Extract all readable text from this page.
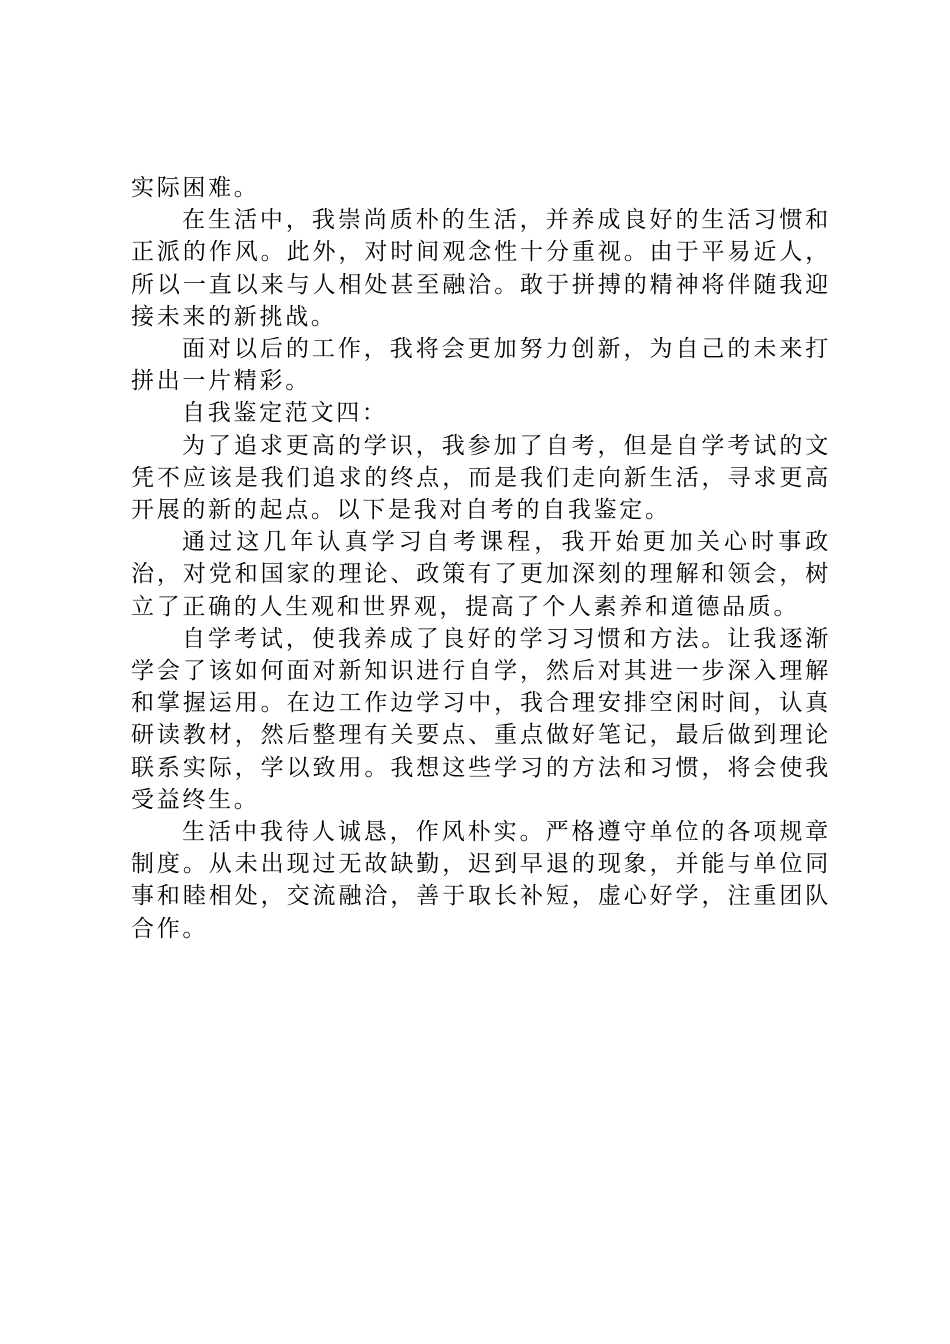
实际困难。

在生活中，我崇尚质朴的生活，并养成良好的生活习惯和正派的作风。此外，对时间观念性十分重视。由于平易近人，所以一直以来与人相处甚至融洽。敢于拼搏的精神将伴随我迎接未来的新挑战。

面对以后的工作，我将会更加努力创新，为自己的未来打拼出一片精彩。

自我鉴定范文四：

为了追求更高的学识，我参加了自考，但是自学考试的文凭不应该是我们追求的终点，而是我们走向新生活，寻求更高开展的新的起点。以下是我对自考的自我鉴定。

通过这几年认真学习自考课程，我开始更加关心时事政治，对党和国家的理论、政策有了更加深刻的理解和领会，树立了正确的人生观和世界观，提高了个人素养和道德品质。

自学考试，使我养成了良好的学习习惯和方法。让我逐渐学会了该如何面对新知识进行自学，然后对其进一步深入理解和掌握运用。在边工作边学习中，我合理安排空闲时间，认真研读教材，然后整理有关要点、重点做好笔记，最后做到理论联系实际，学以致用。我想这些学习的方法和习惯，将会使我受益终生。

生活中我待人诚恳，作风朴实。严格遵守单位的各项规章制度。从未出现过无故缺勤，迟到早退的现象，并能与单位同事和睦相处，交流融洽，善于取长补短，虚心好学，注重团队合作。
